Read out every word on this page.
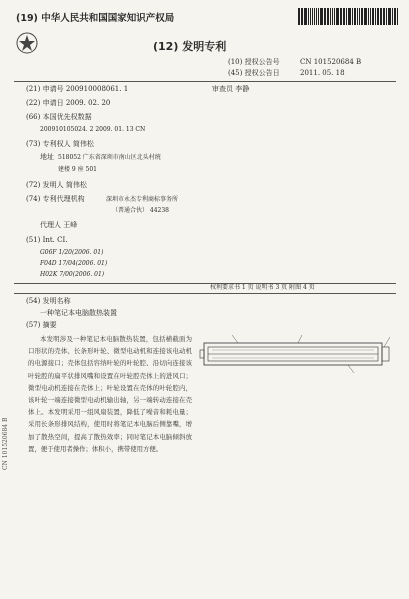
(19) 中华人民共和国国家知识产权局
(12) 发明专利
(10) 授权公告号	CN 101520684 B
(45) 授权公告日	2011. 05. 18
(21) 申请号 200910008061. 1	审查员 李静
(22) 申请日 2009. 02. 20
(66) 本国优先权数据
200910105024. 2 2009. 01. 13 CN
(73) 专利权人 简伟松
地址 518052 广东省深圳市南山区北头村统
建楼 9 座 501
(72) 发明人 简伟松
(74) 专利代理机构	深圳市永杰专利商标事务所
（普通合伙） 44238
代理人 王峰
(51) Int. CI.
G06F 1/20(2006. 01)
F04D 17/04(2006. 01)
H02K 7/00(2006. 01)
权利要求书 1 页 说明书 3 页 附图 4 页
(54) 发明名称
一种笔记本电脑散热装置
(57) 摘要
本发明涉及一种笔记本电脑散热装置，包括横截面为口形状的壳体、长条形叶轮、微型电动机和连接该电动机的电源接口；壳体包括容纳叶轮的叶轮腔、沿切向连接该叶轮腔的扁平状排风嘴和设置在叶轮腔壳体上的进风口；微型电动机连接在壳体上；叶轮设置在壳体的叶轮腔内，该叶轮一端连接微型电动机输出轴，另一端转动连接在壳体上。本发明采用一组风扇装置，降低了噪音和耗电量；采用长条形排风结构，使用时将笔记本电脑后侧靠嘴，增加了散热空间，提高了散热效率；同时笔记本电脑倾斜放置，便于使用者操作；体积小，携带使用方便。
CN 101520684 B
